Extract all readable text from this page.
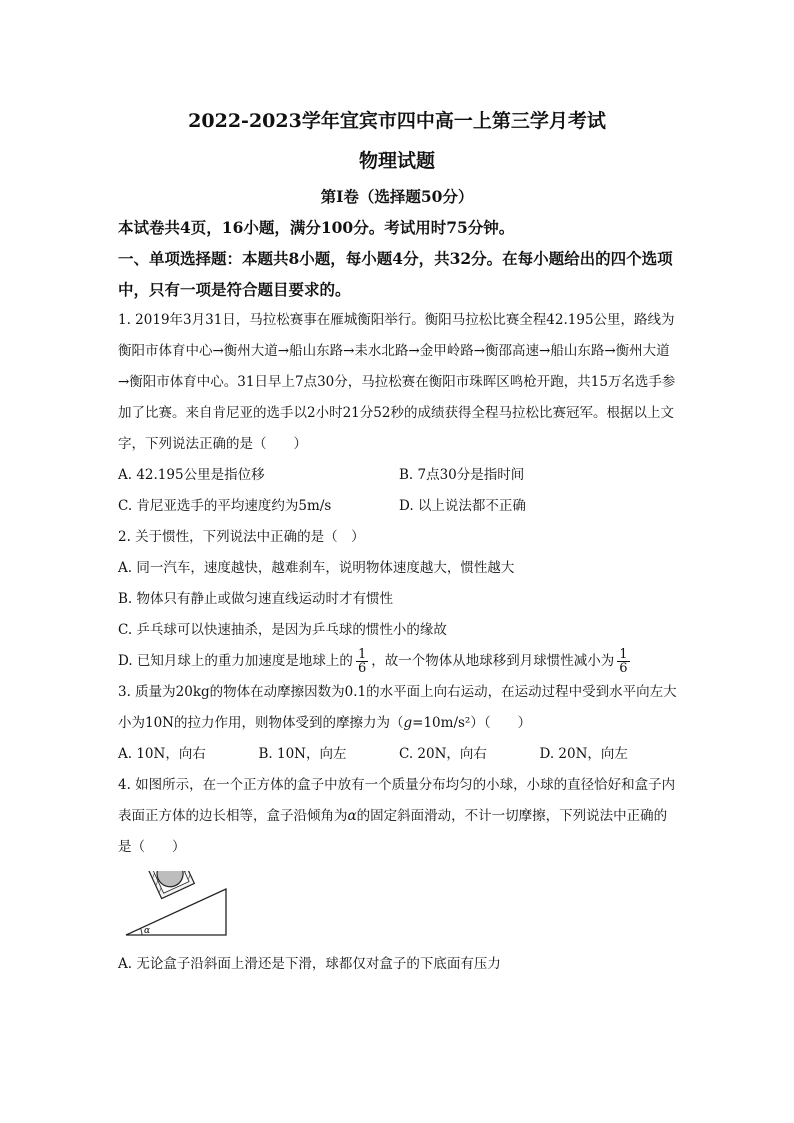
2022-2023学年宜宾市四中高一上第三学月考试
物理试题
第I卷（选择题50分）
本试卷共4页，16小题，满分100分。考试用时75分钟。
一、单项选择题：本题共8小题，每小题4分，共32分。在每小题给出的四个选项中，只有一项是符合题目要求的。
1. 2019年3月31日，马拉松赛事在雁城衡阳举行。衡阳马拉松比赛全程42.195公里，路线为衡阳市体育中心→衡州大道→船山东路→耒水北路→金甲岭路→衡邵高速→船山东路→衡州大道→衡阳市体育中心。31日早上7点30分，马拉松赛在衡阳市珠晖区鸣枪开跑，共15万名选手参加了比赛。来自肯尼亚的选手以2小时21分52秒的成绩获得全程马拉松比赛冠军。根据以上文字，下列说法正确的是（　　）
A. 42.195公里是指位移	B. 7点30分是指时间
C. 肯尼亚选手的平均速度约为5m/s	D. 以上说法都不正确
2. 关于惯性，下列说法中正确的是（　）
A. 同一汽车，速度越快，越难刹车，说明物体速度越大，惯性越大
B. 物体只有静止或做匀速直线运动时才有惯性
C. 乒乓球可以快速抽杀，是因为乒乓球的惯性小的缘故
D. 已知月球上的重力加速度是地球上的 $\frac{1}{6}$ ，故一个物体从地球移到月球惯性减小为 $\frac{1}{6}$
3. 质量为20kg的物体在动摩擦因数为0.1的水平面上向右运动，在运动过程中受到水平向左大小为10N的拉力作用，则物体受到的摩擦力为（g=10m/s²）（　　）
A. 10N，向右	B. 10N，向左	C. 20N，向右	D. 20N，向左
4. 如图所示，在一个正方体的盒子中放有一个质量分布均匀的小球，小球的直径恰好和盒子内表面正方体的边长相等，盒子沿倾角为α的固定斜面滑动，不计一切摩擦，下列说法中正确的是（　　）
α
A. 无论盒子沿斜面上滑还是下滑，球都仅对盒子的下底面有压力
